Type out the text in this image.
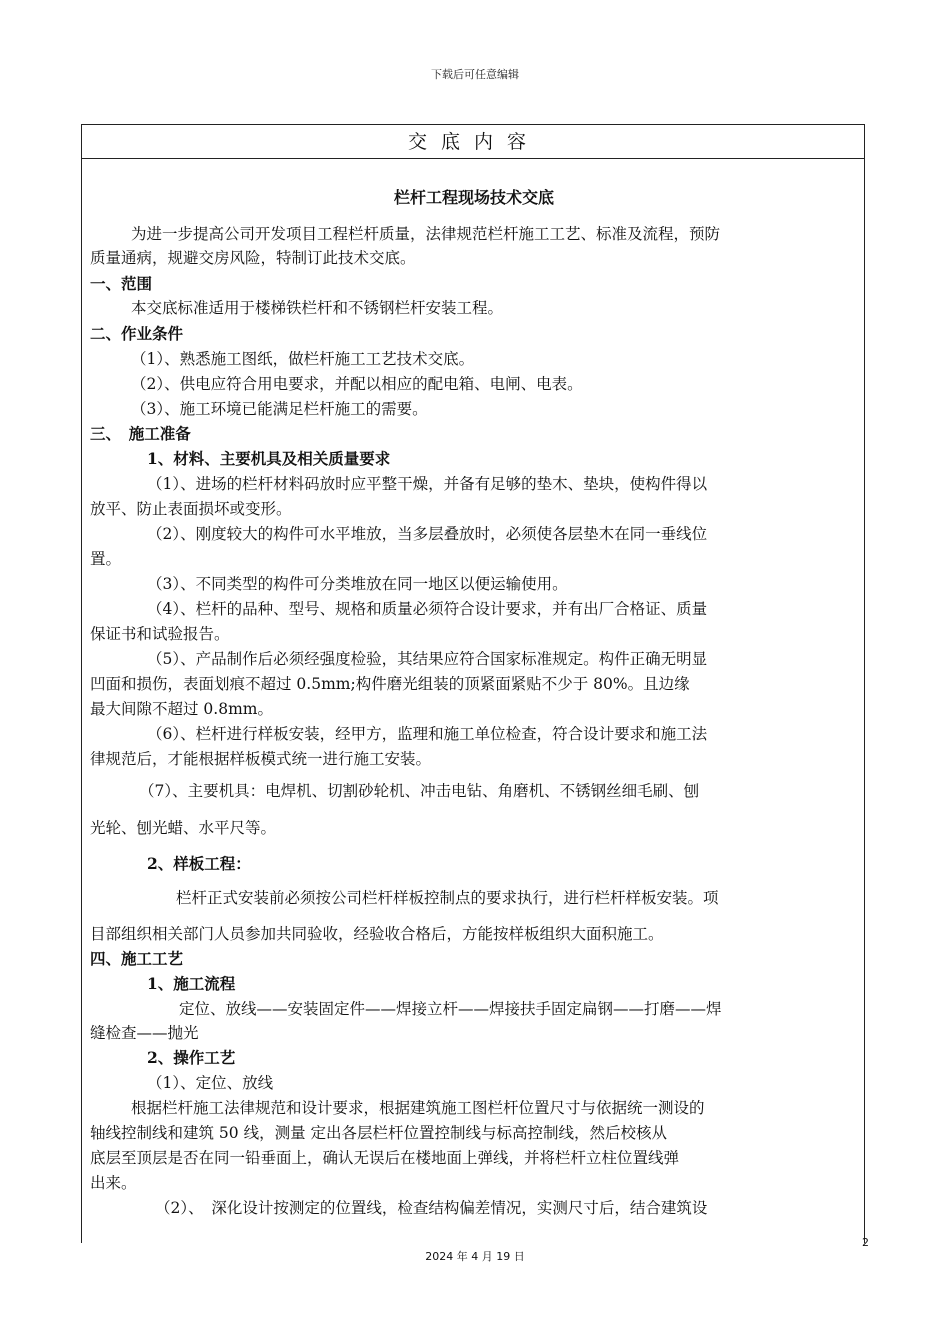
下载后可任意编辑
交底内容
栏杆工程现场技术交底
为进一步提高公司开发项目工程栏杆质量，法律规范栏杆施工工艺、标准及流程，预防
质量通病，规避交房风险，特制订此技术交底。
一、范围
本交底标准适用于楼梯铁栏杆和不锈钢栏杆安装工程。
二、作业条件
（1）、熟悉施工图纸，做栏杆施工工艺技术交底。
（2）、供电应符合用电要求，并配以相应的配电箱、电闸、电表。
（3）、施工环境已能满足栏杆施工的需要。
三、　施工准备
1、材料、主要机具及相关质量要求
（1）、进场的栏杆材料码放时应平整干燥，并备有足够的垫木、垫块，使构件得以
放平、防止表面损坏或变形。
（2）、刚度较大的构件可水平堆放，当多层叠放时，必须使各层垫木在同一垂线位
置。
（3）、不同类型的构件可分类堆放在同一地区以便运输使用。
（4）、栏杆的品种、型号、规格和质量必须符合设计要求，并有出厂合格证、质量
保证书和试验报告。
（5）、产品制作后必须经强度检验，其结果应符合国家标准规定。构件正确无明显
凹面和损伤，表面划痕不超过 0.5mm;构件磨光组装的顶紧面紧贴不少于 80%。且边缘
最大间隙不超过 0.8mm。
（6）、栏杆进行样板安装，经甲方，监理和施工单位检查，符合设计要求和施工法
律规范后，才能根据样板模式统一进行施工安装。
（7）、主要机具：电焊机、切割砂轮机、冲击电钻、角磨机、不锈钢丝细毛刷、刨
光轮、刨光蜡、水平尺等。
2、样板工程：
栏杆正式安装前必须按公司栏杆样板控制点的要求执行，进行栏杆样板安装。项
目部组织相关部门人员参加共同验收，经验收合格后，方能按样板组织大面积施工。
四、施工工艺
1、施工流程
定位、放线——安装固定件——焊接立杆——焊接扶手固定扁钢——打磨——焊
缝检查——抛光
2、操作工艺
（1）、定位、放线
根据栏杆施工法律规范和设计要求，根据建筑施工图栏杆位置尺寸与依据统一测设的
轴线控制线和建筑 50 线，测量 定出各层栏杆位置控制线与标高控制线，然后校核从
底层至顶层是否在同一铅垂面上，确认无误后在楼地面上弹线，并将栏杆立柱位置线弹
出来。
（2）、　深化设计按测定的位置线，检查结构偏差情况，实测尺寸后，结合建筑设
2
2024 年 4 月 19 日
